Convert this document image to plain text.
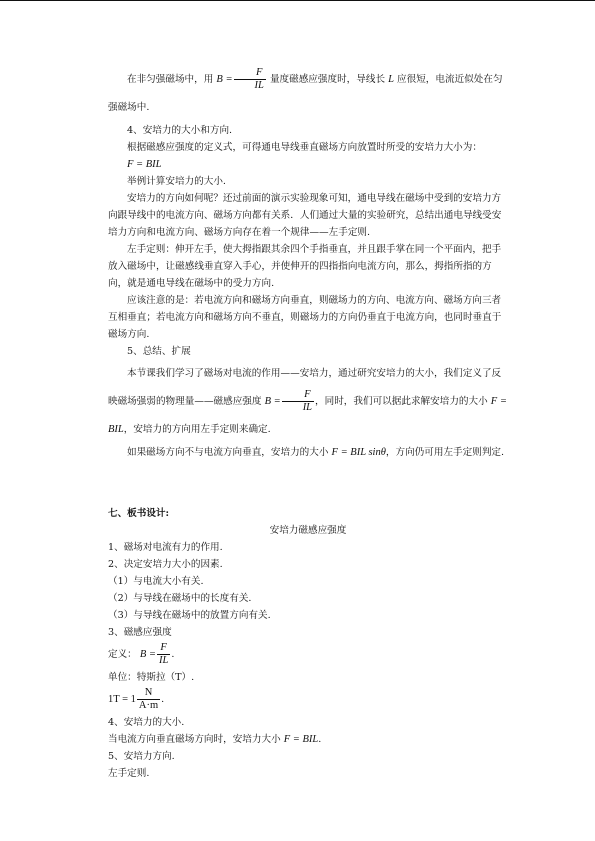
在非匀强磁场中，用 $B = \frac{F}{IL}$ 量度磁感应强度时，导线长 L 应很短，电流近似处在匀强磁场中.

4、安培力的大小和方向.

根据磁感应强度的定义式，可得通电导线垂直磁场方向放置时所受的安培力大小为：

F = BIL

举例计算安培力的大小.

安培力的方向如何呢？还过前面的演示实验现象可知，通电导线在磁场中受到的安培力方向跟导线中的电流方向、磁场方向都有关系．人们通过大量的实验研究，总结出通电导线受安培力方向和电流方向、磁场方向存在着一个规律——左手定则.

左手定则：伸开左手，使大拇指跟其余四个手指垂直，并且跟手掌在同一个平面内，把手放入磁场中，让磁感线垂直穿入手心，并使伸开的四指指向电流方向，那么，拇指所指的方向，就是通电导线在磁场中的受力方向.

应该注意的是：若电流方向和磁场方向垂直，则磁场力的方向、电流方向、磁场方向三者互相垂直；若电流方向和磁场方向不垂直，则磁场力的方向仍垂直于电流方向，也同时垂直于磁场方向.

5、总结、扩展

本节课我们学习了磁场对电流的作用——安培力，通过研究安培力的大小，我们定义了反映磁场强弱的物理量——磁感应强度 $B = \frac{F}{IL}$ ，同时，我们可以据此求解安培力的大小 F = BIL，安培力的方向用左手定则来确定.

如果磁场方向不与电流方向垂直，安培力的大小 F = BIL sinθ，方向仍可用左手定则判定.

七、板书设计:

安培力磁感应强度

1、磁场对电流有力的作用.

2、决定安培力大小的因素.

（1）与电流大小有关.

（2）与导线在磁场中的长度有关.

（3）与导线在磁场中的放置方向有关.

3、磁感应强度

定义： $B = \frac{F}{IL}$ .

单位：特斯拉（T）.

$1T = 1 \frac{N}{A\cdot m}$ .

4、安培力的大小.

当电流方向垂直磁场方向时，安培力大小 F = BIL.

5、安培力方向.

左手定则.
